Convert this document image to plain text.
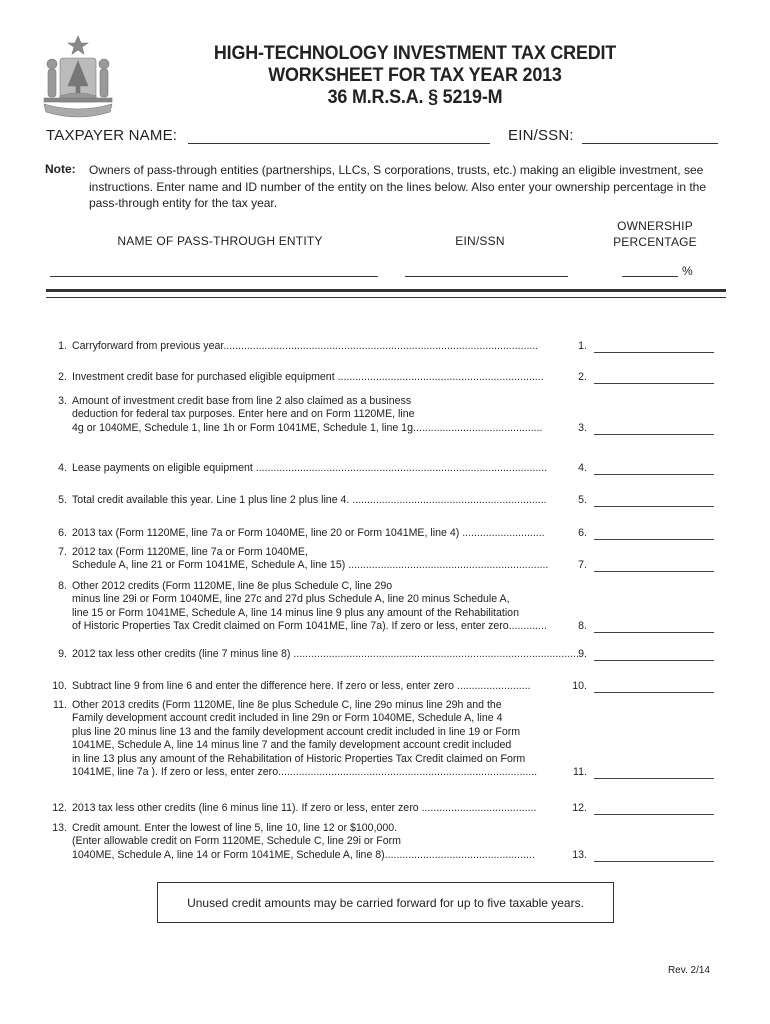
HIGH-TECHNOLOGY INVESTMENT TAX CREDIT
WORKSHEET FOR TAX YEAR 2013
36 M.R.S.A. § 5219-M
TAXPAYER NAME:	EIN/SSN:
Note: Owners of pass-through entities (partnerships, LLCs, S corporations, trusts, etc.) making an eligible investment, see instructions. Enter name and ID number of the entity on the lines below. Also enter your ownership percentage in the pass-through entity for the tax year.
NAME OF PASS-THROUGH ENTITY	EIN/SSN
OWNERSHIP
PERCENTAGE
%
1. Carryforward from previous year...........................................................................................................	1.
2. Investment credit base for purchased eligible equipment ......................................................................	2.
3. Amount of investment credit base from line 2 also claimed as a business
deduction for federal tax purposes. Enter here and on Form 1120ME, line
4g or 1040ME, Schedule 1, line 1h or Form 1041ME, Schedule 1, line 1g............................................	3.
4. Lease payments on eligible equipment ...................................................................................................	4.
5. Total credit available this year. Line 1 plus line 2 plus line 4. ..................................................................	5.
6. 2013 tax (Form 1120ME, line 7a or Form 1040ME, line 20 or Form 1041ME, line 4) ............................	6.
7. 2012 tax (Form 1120ME, line 7a or Form 1040ME,
Schedule A, line 21 or Form 1041ME, Schedule A, line 15) ....................................................................	7.
8. Other 2012 credits (Form 1120ME, line 8e plus Schedule C, line 29o
minus line 29i or Form 1040ME, line 27c and 27d plus Schedule A, line 20 minus Schedule A,
line 15 or Form 1041ME, Schedule A, line 14 minus line 9 plus any amount of the Rehabilitation
of Historic Properties Tax Credit claimed on Form 1041ME, line 7a). If zero or less, enter zero.............	8.
9. 2012 tax less other credits (line 7 minus line 8) ................................................................................................. 9.
10. Subtract line 9 from line 6 and enter the difference here. If zero or less, enter zero .........................	10.
11. Other 2013 credits (Form 1120ME, line 8e plus Schedule C, line 29o minus line 29h and the
Family development account credit included in line 29n or Form 1040ME, Schedule A, line 4
plus line 20 minus line 13 and the family development account credit included in line 19 or Form
1041ME, Schedule A, line 14 minus line 7 and the family development account credit included
in line 13 plus any amount of the Rehabilitation of Historic Properties Tax Credit claimed on Form
1041ME, line 7a ). If zero or less, enter zero........................................................................................	11.
12. 2013 tax less other credits (line 6 minus line 11). If zero or less, enter zero .......................................	12.
13. Credit amount. Enter the lowest of line 5, line 10, line 12 or $100,000.
(Enter allowable credit on Form 1120ME, Schedule C, line 29i or Form
1040ME, Schedule A, line 14 or Form 1041ME, Schedule A, line 8)...................................................	13.
Unused credit amounts may be carried forward for up to five taxable years.
Rev. 2/14
